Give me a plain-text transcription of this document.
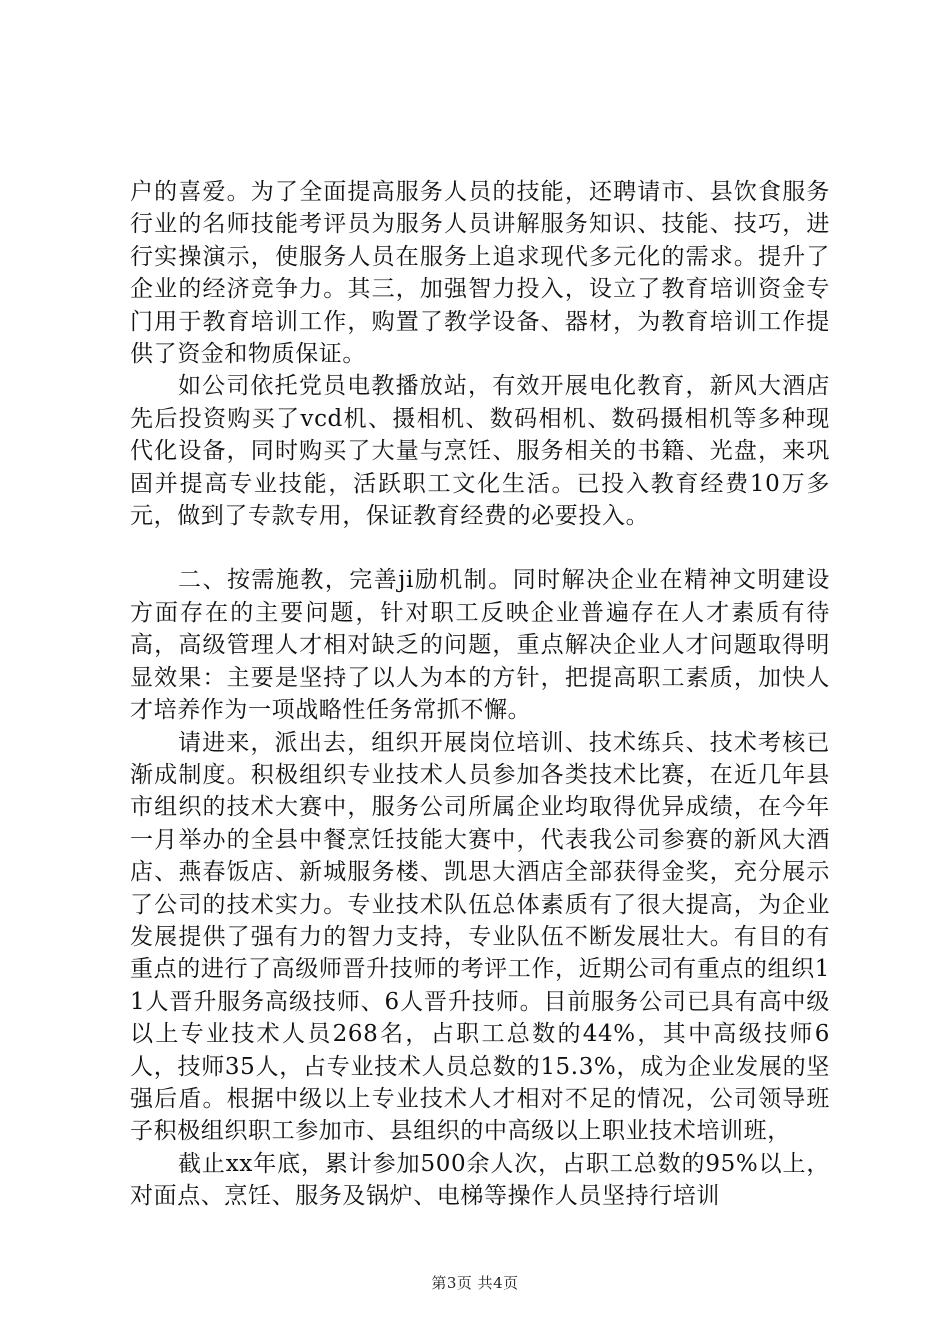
户的喜爱。为了全面提高服务人员的技能，还聘请市、县饮食服务行业的名师技能考评员为服务人员讲解服务知识、技能、技巧，进行实操演示，使服务人员在服务上追求现代多元化的需求。提升了企业的经济竞争力。其三，加强智力投入，设立了教育培训资金专门用于教育培训工作，购置了教学设备、器材，为教育培训工作提供了资金和物质保证。

如公司依托党员电教播放站，有效开展电化教育，新风大酒店先后投资购买了vcd机、摄相机、数码相机、数码摄相机等多种现代化设备，同时购买了大量与烹饪、服务相关的书籍、光盘，来巩固并提高专业技能，活跃职工文化生活。已投入教育经费10万多元，做到了专款专用，保证教育经费的必要投入。

二、按需施教，完善ji励机制。同时解决企业在精神文明建设方面存在的主要问题，针对职工反映企业普遍存在人才素质有待高，高级管理人才相对缺乏的问题，重点解决企业人才问题取得明显效果：主要是坚持了以人为本的方针，把提高职工素质，加快人才培养作为一项战略性任务常抓不懈。

请进来，派出去，组织开展岗位培训、技术练兵、技术考核已渐成制度。积极组织专业技术人员参加各类技术比赛，在近几年县市组织的技术大赛中，服务公司所属企业均取得优异成绩，在今年一月举办的全县中餐烹饪技能大赛中，代表我公司参赛的新风大酒店、燕春饭店、新城服务楼、凯思大酒店全部获得金奖，充分展示了公司的技术实力。专业技术队伍总体素质有了很大提高，为企业发展提供了强有力的智力支持，专业队伍不断发展壮大。有目的有重点的进行了高级师晋升技师的考评工作，近期公司有重点的组织11人晋升服务高级技师、6人晋升技师。目前服务公司已具有高中级以上专业技术人员268名，占职工总数的44%，其中高级技师6人，技师35人，占专业技术人员总数的15.3%，成为企业发展的坚强后盾。根据中级以上专业技术人才相对不足的情况，公司领导班子积极组织职工参加市、县组织的中高级以上职业技术培训班，

截止xx年底，累计参加500余人次，占职工总数的95%以上，对面点、烹饪、服务及锅炉、电梯等操作人员坚持行培训

第3页 共4页
